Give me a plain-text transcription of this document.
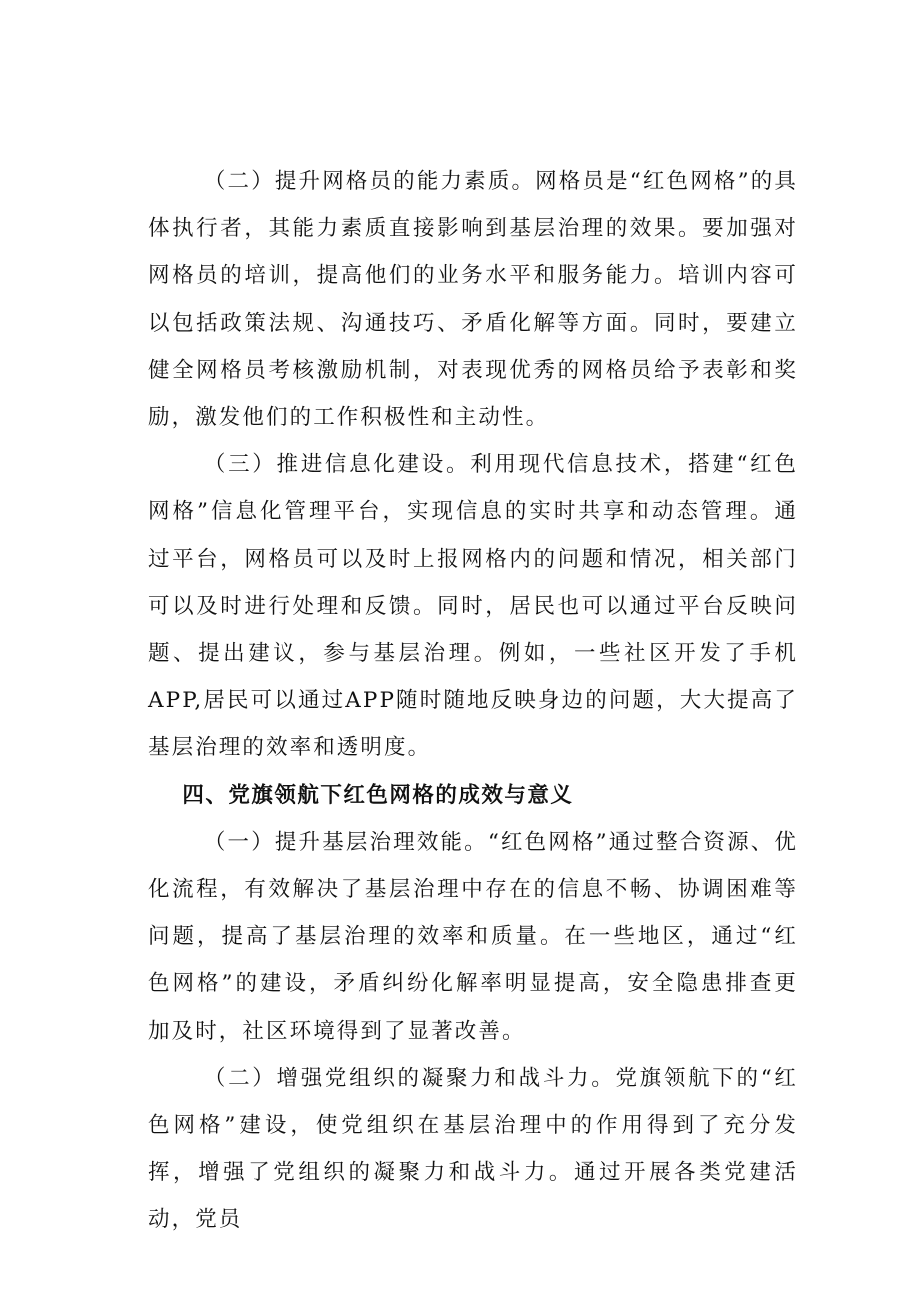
（二）提升网格员的能力素质。网格员是“红色网格”的具体执行者，其能力素质直接影响到基层治理的效果。要加强对网格员的培训，提高他们的业务水平和服务能力。培训内容可以包括政策法规、沟通技巧、矛盾化解等方面。同时，要建立健全网格员考核激励机制，对表现优秀的网格员给予表彰和奖励，激发他们的工作积极性和主动性。

（三）推进信息化建设。利用现代信息技术，搭建“红色网格”信息化管理平台，实现信息的实时共享和动态管理。通过平台，网格员可以及时上报网格内的问题和情况，相关部门可以及时进行处理和反馈。同时，居民也可以通过平台反映问题、提出建议，参与基层治理。例如，一些社区开发了手机APP,居民可以通过APP随时随地反映身边的问题，大大提高了基层治理的效率和透明度。

四、党旗领航下红色网格的成效与意义

（一）提升基层治理效能。“红色网格”通过整合资源、优化流程，有效解决了基层治理中存在的信息不畅、协调困难等问题，提高了基层治理的效率和质量。在一些地区，通过“红色网格”的建设，矛盾纠纷化解率明显提高，安全隐患排查更加及时，社区环境得到了显著改善。

（二）增强党组织的凝聚力和战斗力。党旗领航下的“红色网格”建设，使党组织在基层治理中的作用得到了充分发挥，增强了党组织的凝聚力和战斗力。通过开展各类党建活动，党员
